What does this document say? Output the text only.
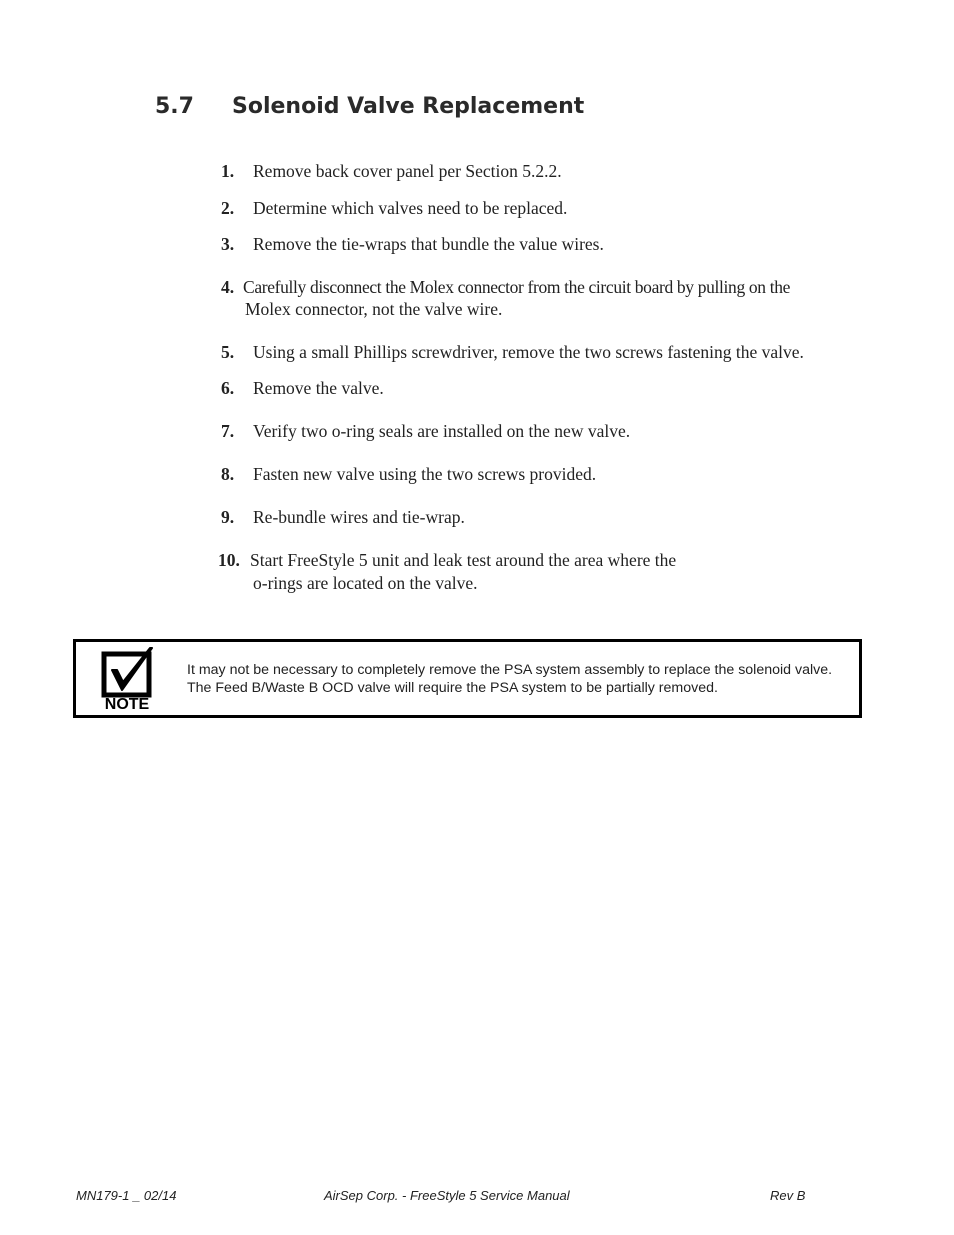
5.7 Solenoid Valve Replacement
1. Remove back cover panel per Section 5.2.2.
2. Determine which valves need to be replaced.
3. Remove the tie-wraps that bundle the value wires.
4. Carefully disconnect the Molex connector from the circuit board by pulling on the
Molex connector, not the valve wire.
5. Using a small Phillips screwdriver, remove the two screws fastening the valve.
6. Remove the valve.
7. Verify two o-ring seals are installed on the new valve.
8. Fasten new valve using the two screws provided.
9. Re-bundle wires and tie-wrap.
10. Start FreeStyle 5 unit and leak test around the area where the
o-rings are located on the valve.
NOTE
It may not be necessary to completely remove the PSA system assembly to replace the solenoid valve. The Feed B/Waste B OCD valve will require the PSA system to be partially removed.
MN179-1 _ 02/14	AirSep Corp. - FreeStyle 5 Service Manual	Rev B
